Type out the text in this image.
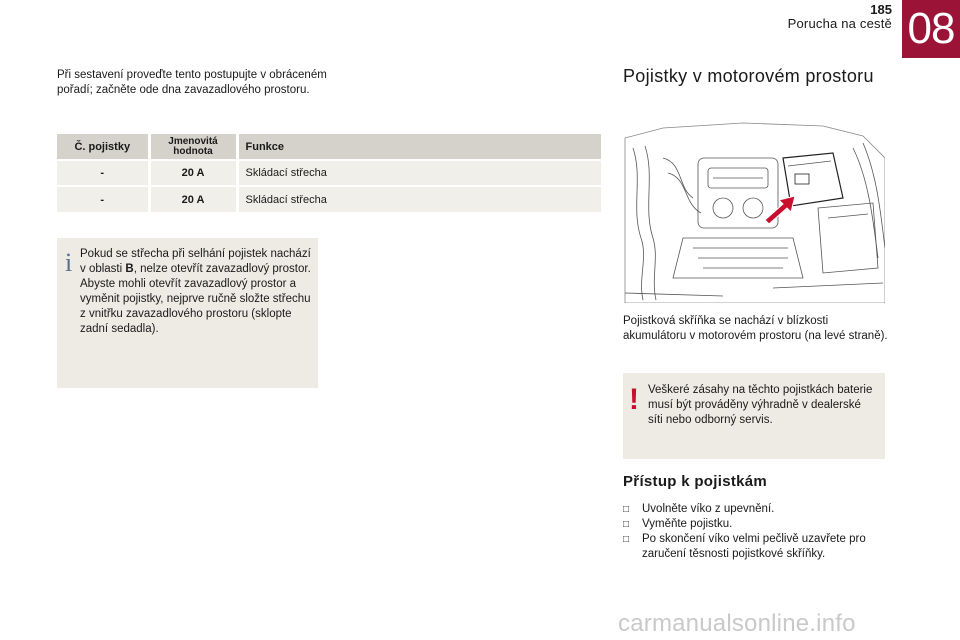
185
Porucha na cestě 08

Při sestavení proveďte tento postupujte v obráceném pořadí; začněte ode dna zavazadlového prostoru.

Č. pojistky	Jmenovitá hodnota	Funkce
-	20 A	Skládací střecha
-	20 A	Skládací střecha
i Pokud se střecha při selhání pojistek nachází v oblasti B, nelze otevřít zavazadlový prostor. Abyste mohli otevřít zavazadlový prostor a vyměnit pojistky, nejprve ručně složte střechu z vnitřku zavazadlového prostoru (sklopte zadní sedadla).

Pojistky v motorovém prostoru

Pojistková skříňka se nachází v blízkosti akumulátoru v motorovém prostoru (na levé straně).

! Veškeré zásahy na těchto pojistkách baterie musí být prováděny výhradně v dealerské síti nebo odborný servis.

Přístup k pojistkám
□ Uvolněte víko z upevnění.
□ Vyměňte pojistku.
□ Po skončení víko velmi pečlivě uzavřete pro zaručení těsnosti pojistkové skříňky.
carmanualsonline.info
